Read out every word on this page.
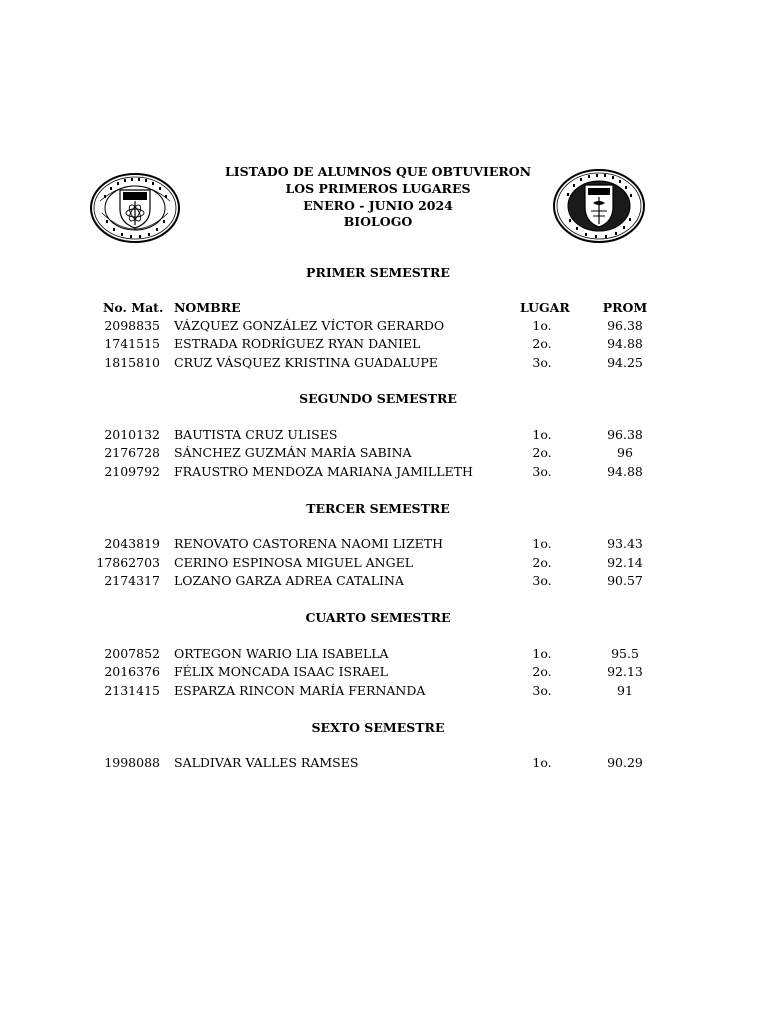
LISTADO DE ALUMNOS QUE OBTUVIERON
LOS PRIMEROS LUGARES
ENERO - JUNIO 2024
BIOLOGO
No. Mat. NOMBRE	LUGAR	PROM
PRIMER SEMESTRE
2098835 VÁZQUEZ GONZÁLEZ VÍCTOR GERARDO	1o.	96.38
1741515 ESTRADA RODRÍGUEZ RYAN DANIEL	2o.	94.88
1815810 CRUZ VÁSQUEZ KRISTINA GUADALUPE	3o.	94.25
SEGUNDO SEMESTRE
2010132 BAUTISTA CRUZ ULISES	1o.	96.38
2176728 SÁNCHEZ GUZMÁN MARÍA SABINA	2o.	96
2109792 FRAUSTRO MENDOZA MARIANA JAMILLETH	3o.	94.88
TERCER SEMESTRE
2043819 RENOVATO CASTORENA NAOMI LIZETH	1o.	93.43
17862703 CERINO ESPINOSA MIGUEL ANGEL	2o.	92.14
2174317 LOZANO GARZA ADREA CATALINA	3o.	90.57
CUARTO SEMESTRE
2007852 ORTEGON WARIO LIA ISABELLA	1o.	95.5
2016376 FÉLIX MONCADA ISAAC ISRAEL	2o.	92.13
2131415 ESPARZA RINCON MARÍA FERNANDA	3o.	91
SEXTO SEMESTRE
1998088 SALDIVAR VALLES RAMSES	1o.	90.29
